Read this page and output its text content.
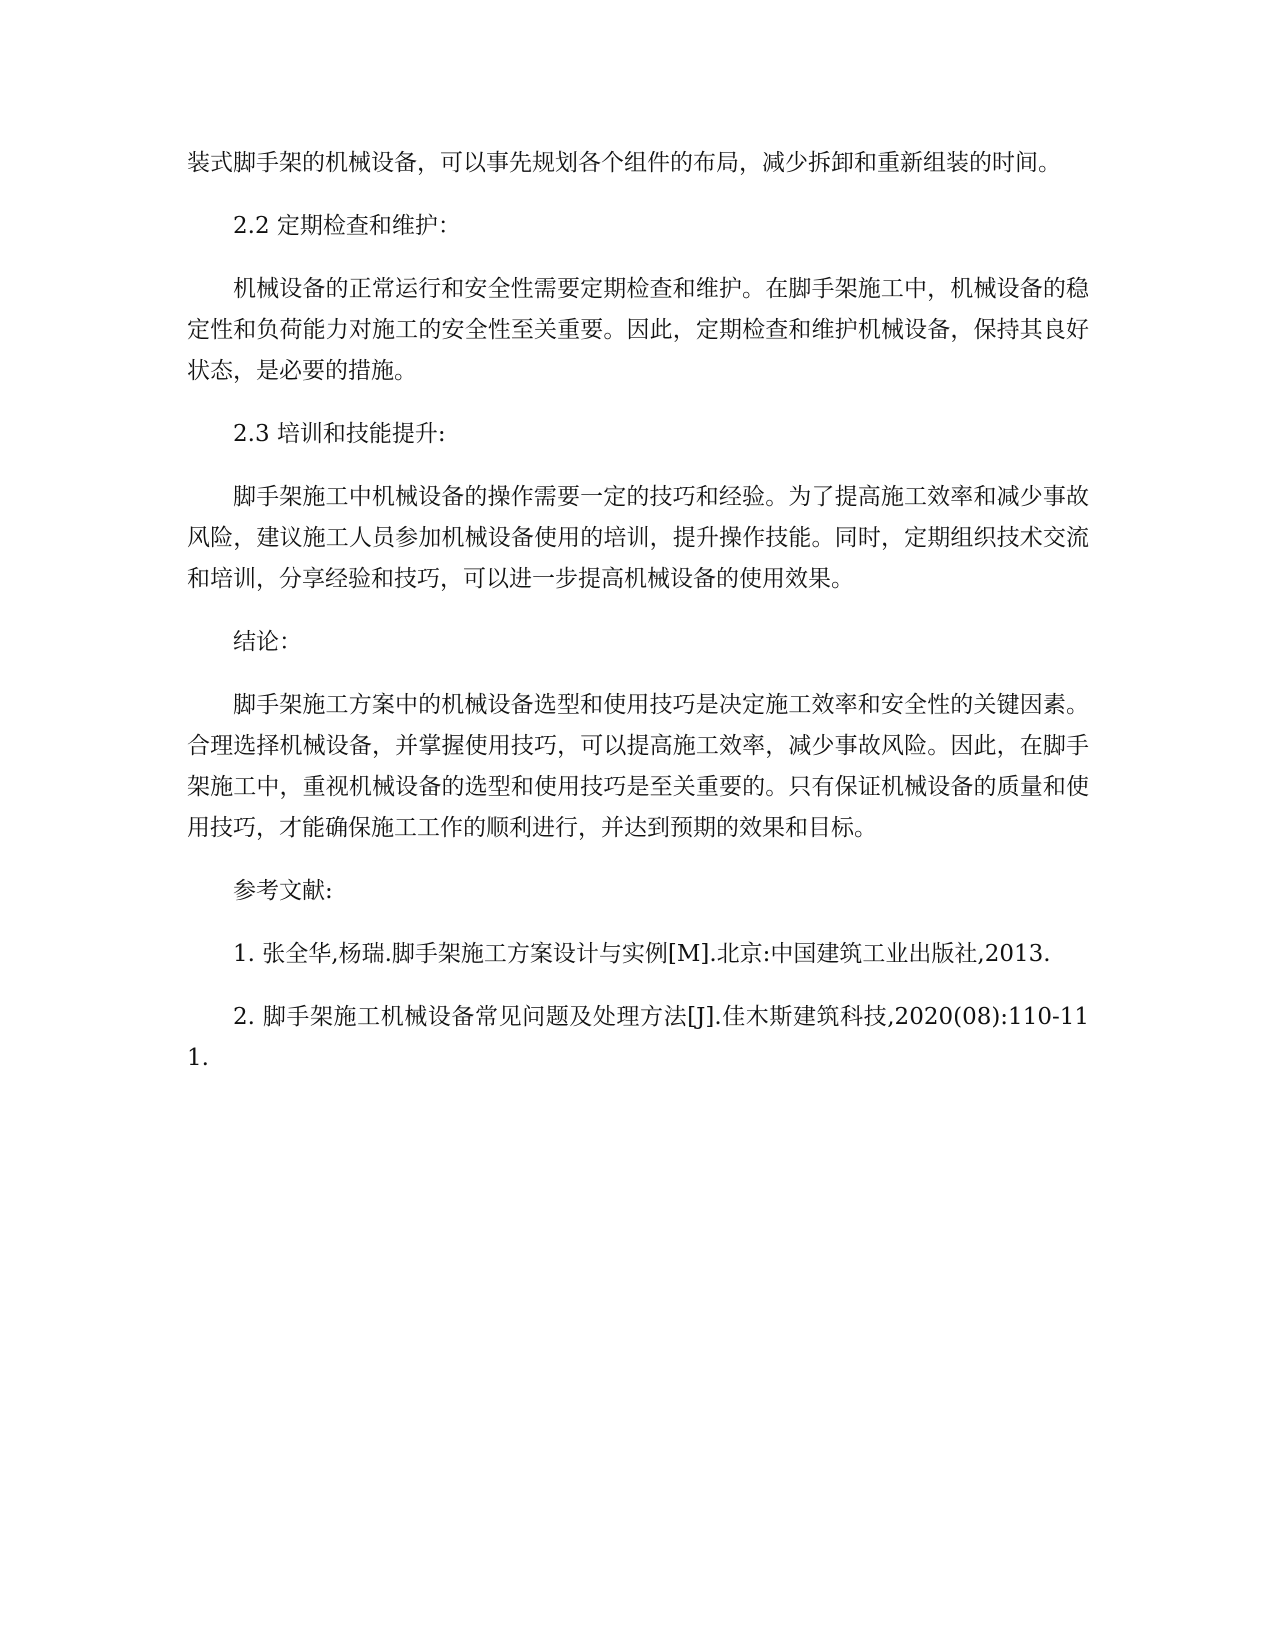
装式脚手架的机械设备，可以事先规划各个组件的布局，减少拆卸和重新组装的时间。

2.2 定期检查和维护：

机械设备的正常运行和安全性需要定期检查和维护。在脚手架施工中，机械设备的稳定性和负荷能力对施工的安全性至关重要。因此，定期检查和维护机械设备，保持其良好状态，是必要的措施。

2.3 培训和技能提升:

脚手架施工中机械设备的操作需要一定的技巧和经验。为了提高施工效率和减少事故风险，建议施工人员参加机械设备使用的培训，提升操作技能。同时，定期组织技术交流和培训，分享经验和技巧，可以进一步提高机械设备的使用效果。

结论：

脚手架施工方案中的机械设备选型和使用技巧是决定施工效率和安全性的关键因素。合理选择机械设备，并掌握使用技巧，可以提高施工效率，减少事故风险。因此，在脚手架施工中，重视机械设备的选型和使用技巧是至关重要的。只有保证机械设备的质量和使用技巧，才能确保施工工作的顺利进行，并达到预期的效果和目标。

参考文献:

1. 张全华,杨瑞.脚手架施工方案设计与实例[M].北京:中国建筑工业出版社,2013.

2. 脚手架施工机械设备常见问题及处理方法[J].佳木斯建筑科技,2020(08):110-111.
